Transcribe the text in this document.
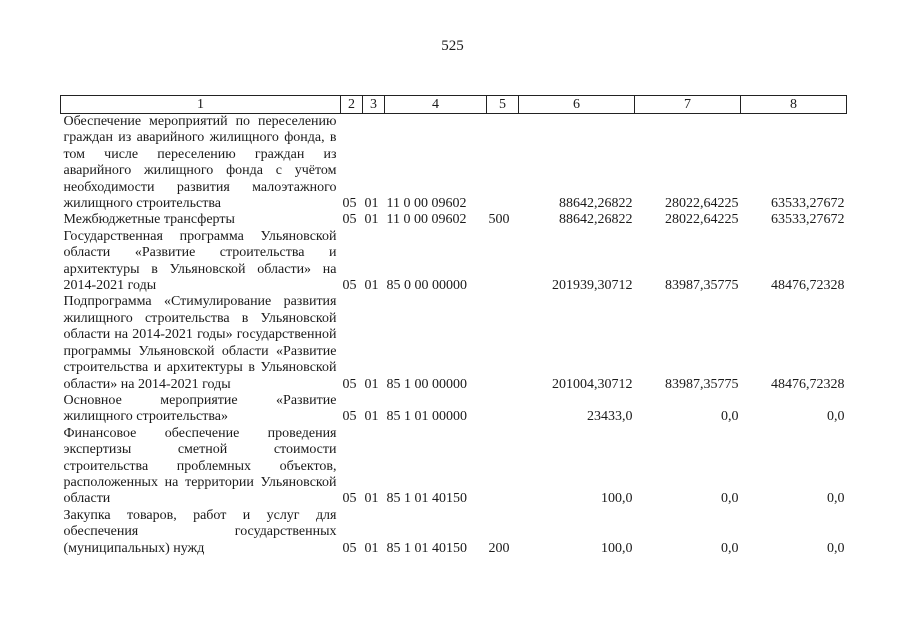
525
1	2	3	4	5	6	7	8
Обеспечение мероприятий по переселению граждан из аварийного жилищного фонда, в том числе переселению граждан из аварийного жилищного фонда с учётом необходимости развития малоэтажного жилищного строительства	05	01	11 0 00 09602		88642,26822	28022,64225	63533,27672
Межбюджетные трансферты	05	01	11 0 00 09602	500	88642,26822	28022,64225	63533,27672
Государственная программа Ульяновской области «Развитие строительства и архитектуры в Ульяновской области» на 2014-2021 годы	05	01	85 0 00 00000		201939,30712	83987,35775	48476,72328
Подпрограмма «Стимулирование развития жилищного строительства в Ульяновской области на 2014-2021 годы» государственной программы Ульяновской области «Развитие строительства и архитектуры в Ульяновской области» на 2014-2021 годы	05	01	85 1 00 00000		201004,30712	83987,35775	48476,72328
Основное мероприятие «Развитие жилищного строительства»	05	01	85 1 01 00000		23433,0	0,0	0,0
Финансовое обеспечение проведения экспертизы сметной стоимости строительства проблемных объектов, расположенных на территории Ульяновской области	05	01	85 1 01 40150		100,0	0,0	0,0
Закупка товаров, работ и услуг для обеспечения государственных (муниципальных) нужд	05	01	85 1 01 40150	200	100,0	0,0	0,0
